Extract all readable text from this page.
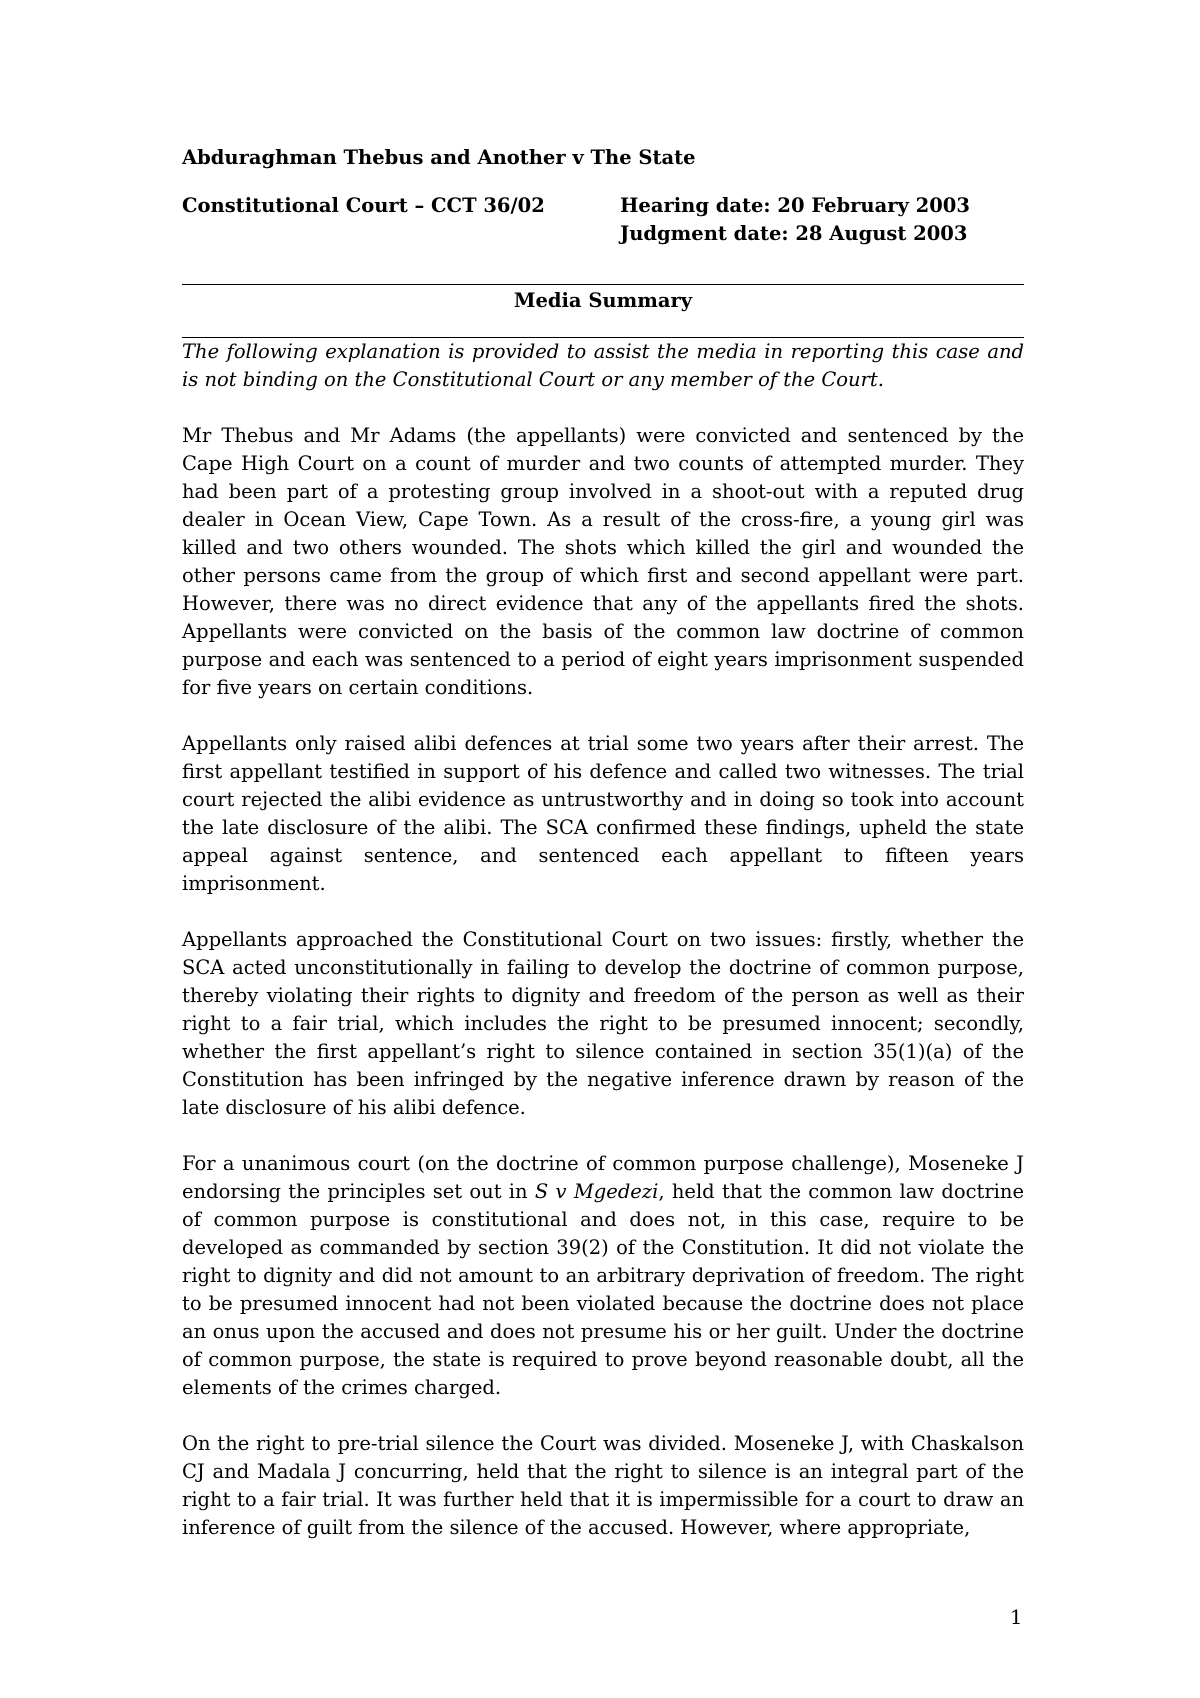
Abduraghman Thebus and Another v The State
Constitutional Court – CCT 36/02	Hearing date: 20 February 2003
Judgment date: 28 August 2003
Media Summary

The following explanation is provided to assist the media in reporting this case and is not binding on the Constitutional Court or any member of the Court.

Mr Thebus and Mr Adams (the appellants) were convicted and sentenced by the Cape High Court on a count of murder and two counts of attempted murder. They had been part of a protesting group involved in a shoot-out with a reputed drug dealer in Ocean View, Cape Town. As a result of the cross-fire, a young girl was killed and two others wounded. The shots which killed the girl and wounded the other persons came from the group of which first and second appellant were part. However, there was no direct evidence that any of the appellants fired the shots. Appellants were convicted on the basis of the common law doctrine of common purpose and each was sentenced to a period of eight years imprisonment suspended for five years on certain conditions.

Appellants only raised alibi defences at trial some two years after their arrest. The first appellant testified in support of his defence and called two witnesses. The trial court rejected the alibi evidence as untrustworthy and in doing so took into account the late disclosure of the alibi. The SCA confirmed these findings, upheld the state appeal against sentence, and sentenced each appellant to fifteen years imprisonment.

Appellants approached the Constitutional Court on two issues: firstly, whether the SCA acted unconstitutionally in failing to develop the doctrine of common purpose, thereby violating their rights to dignity and freedom of the person as well as their right to a fair trial, which includes the right to be presumed innocent; secondly, whether the first appellant’s right to silence contained in section 35(1)(a) of the Constitution has been infringed by the negative inference drawn by reason of the late disclosure of his alibi defence.

For a unanimous court (on the doctrine of common purpose challenge), Moseneke J endorsing the principles set out in S v Mgedezi, held that the common law doctrine of common purpose is constitutional and does not, in this case, require to be developed as commanded by section 39(2) of the Constitution. It did not violate the right to dignity and did not amount to an arbitrary deprivation of freedom. The right to be presumed innocent had not been violated because the doctrine does not place an onus upon the accused and does not presume his or her guilt. Under the doctrine of common purpose, the state is required to prove beyond reasonable doubt, all the elements of the crimes charged.

On the right to pre-trial silence the Court was divided. Moseneke J, with Chaskalson CJ and Madala J concurring, held that the right to silence is an integral part of the right to a fair trial. It was further held that it is impermissible for a court to draw an inference of guilt from the silence of the accused. However, where appropriate,

1
